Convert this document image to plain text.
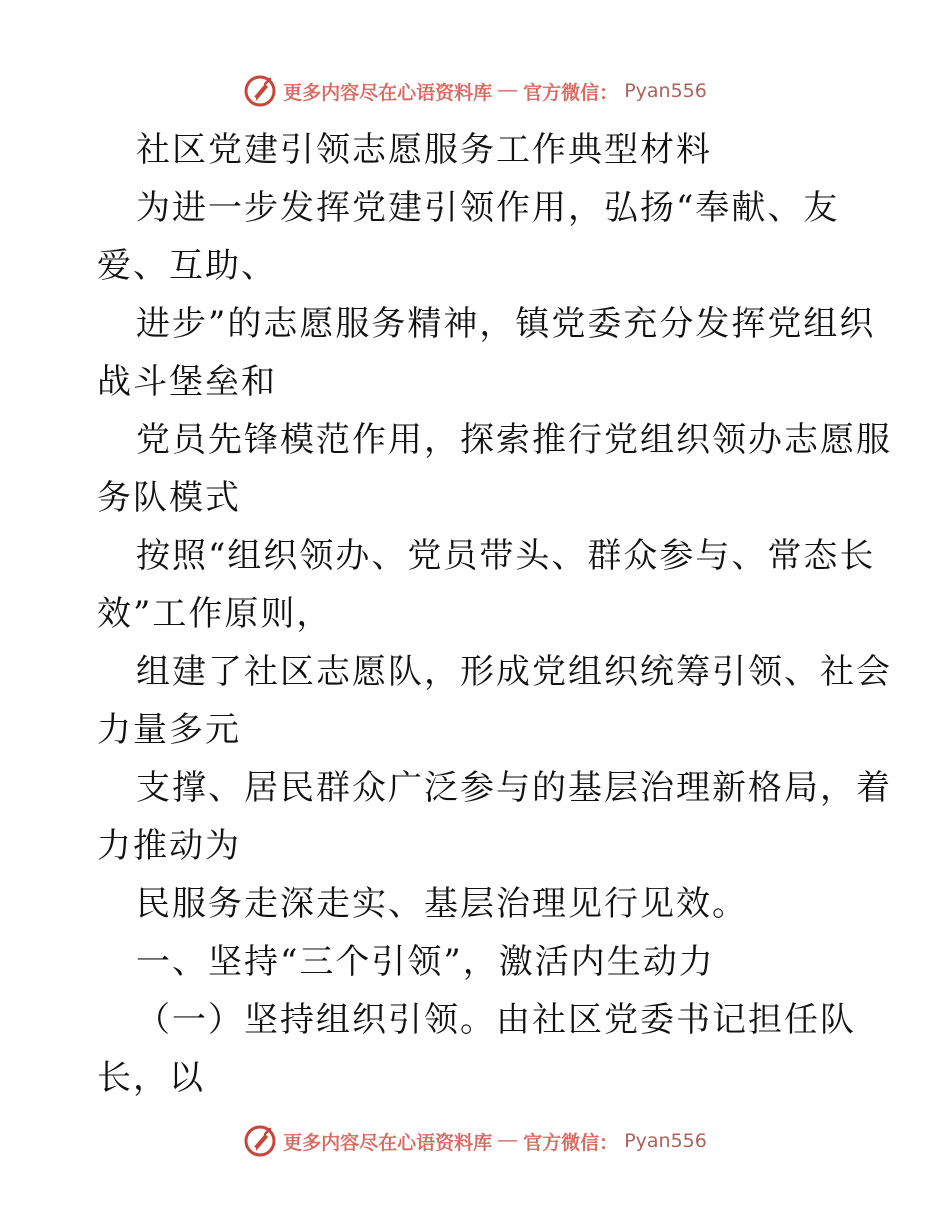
更多内容尽在心语资料库 — 官方微信： Pyan556
社区党建引领志愿服务工作典型材料
为进一步发挥党建引领作用，弘扬“奉献、友
爱、互助、
进步”的志愿服务精神，镇党委充分发挥党组织
战斗堡垒和
党员先锋模范作用，探索推行党组织领办志愿服
务队模式
按照“组织领办、党员带头、群众参与、常态长
效”工作原则，
组建了社区志愿队，形成党组织统筹引领、社会
力量多元
支撑、居民群众广泛参与的基层治理新格局，着
力推动为
民服务走深走实、基层治理见行见效。
一、坚持“三个引领”，激活内生动力
（一）坚持组织引领。由社区党委书记担任队
长，以
更多内容尽在心语资料库 — 官方微信： Pyan556
